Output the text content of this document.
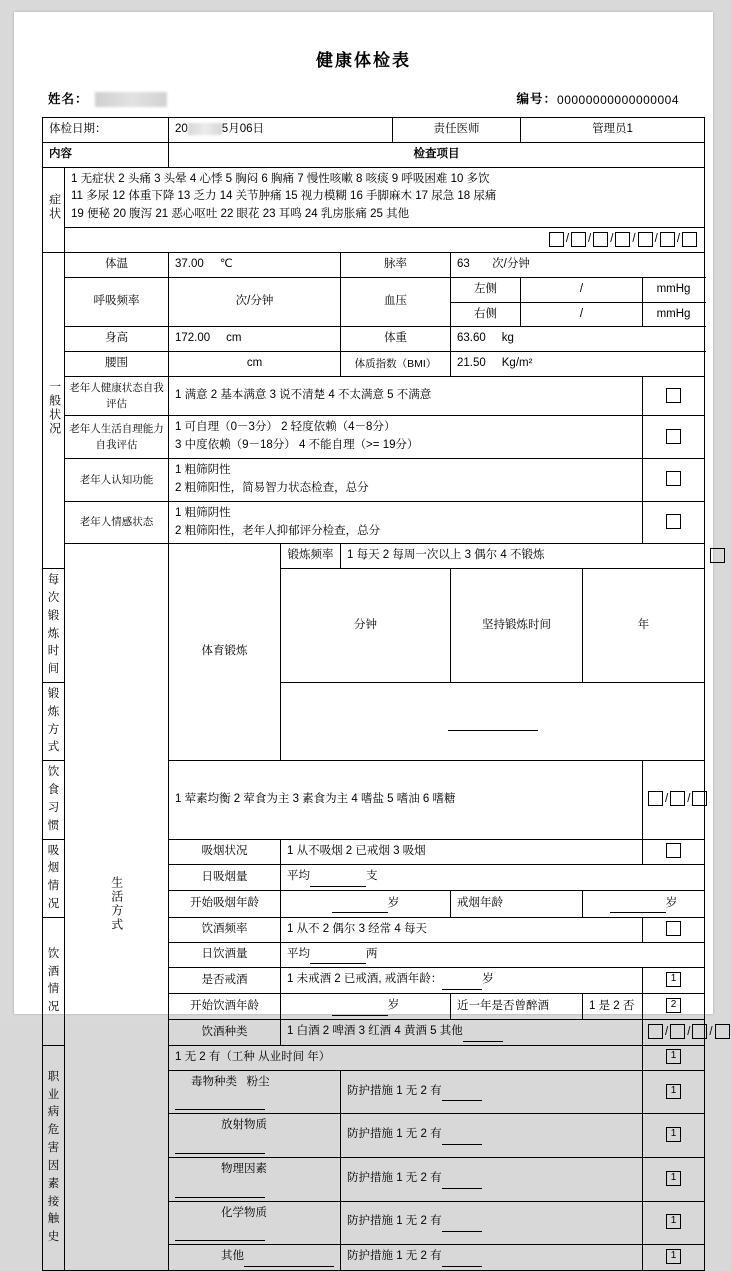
健康体检表
姓名：	编号： 00000000000000004
体检日期：		20 5月06日			责任医师		管理员1			
内容		检查项目								
症状	1 无症状 2 头痛 3 头晕 4 心悸 5 胸闷 6 胸痛 7 慢性咳嗽 8 咳痰 9 呼吸困难 10 多饮
11 多尿 12 体重下降 13 乏力 14 关节肿痛 15 视力模糊 16 手脚麻木 17 尿急 18 尿痛
19 便秘 20 腹泻 21 恶心呕吐 22 眼花 23 耳鸣 24 乳房胀痛 25 其他									

	/ / / / / /									
一般状况	体温	37.00 ℃		脉率		63 次/分钟				
	呼吸频率	次/分钟		血压		左侧	/		mmHg	
						右侧	/		mmHg	
	身高	172.00 cm		体重		63.60 kg				
	腰围	cm		体质指数（BMI）		21.50 Kg/m²				

	老年人健康状态自我评估	1 满意 2 基本满意 3 说不清楚 4 不太满意 5 不满意								
	老年人生活自理能力自我评估	1 可自理（0－3分） 2 轻度依赖（4－8分）
3 中度依赖（9－18分） 4 不能自理（>= 19分）								

	老年人认知功能	1 粗筛阴性
2 粗筛阳性，简易智力状态检查，总分								

	老年人情感状态	1 粗筛阴性
2 粗筛阳性，老年人抑郁评分检查，总分								

	生活方式	体育锻炼	锻炼频率	1 每天 2 每周一次以上 3 偶尔 4 不锻炼						
每次锻炼时间			分钟			坚持锻炼时间		年		
锻炼方式										
饮食习惯		1 荤素均衡 2 荤食为主 3 素食为主 4 嗜盐 5 嗜油 6 嗜糖							/ /	
吸烟情况		吸烟状况	1 从不吸烟 2 已戒烟 3 吸烟							
		日吸烟量	平均 支							
		开始吸烟年龄	岁			戒烟年龄		岁		
饮酒情况		饮酒频率	1 从不 2 偶尔 3 经常 4 每天							
		日饮酒量	平均 两							
		是否戒酒	1 未戒酒 2 已戒酒, 戒酒年龄： 岁	1
		开始饮酒年龄	岁			近一年是否曾醉酒		1 是 2 否	2
		饮酒种类	1 白酒 2 啤酒 3 红酒 4 黄酒 5 其他						/ / /	
职业病危害因素接触史		1 无 2 有（工种 从业时间 年）	1
		毒物种类 粉尘		防护措施 1 无 2 有	1
		放射物质		防护措施 1 无 2 有	1
		物理因素		防护措施 1 无 2 有	1
		化学物质		防护措施 1 无 2 有	1
		其他		防护措施 1 无 2 有	1
